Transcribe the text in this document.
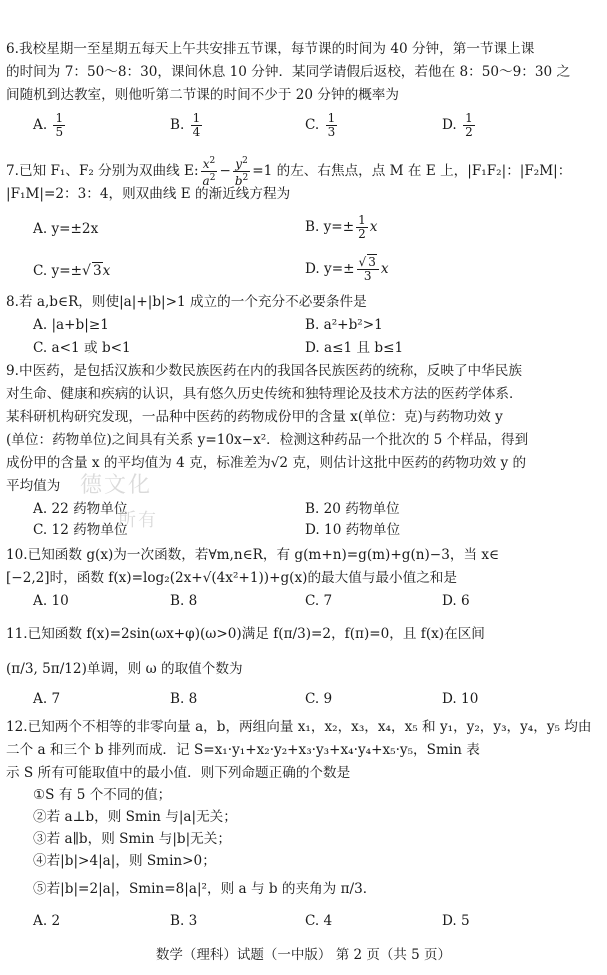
6.我校星期一至星期五每天上午共安排五节课，每节课的时间为 40 分钟，第一节课上课
的时间为 7：50～8：30，课间休息 10 分钟．某同学请假后返校，若他在 8：50～9：30 之
间随机到达教室，则他听第二节课的时间不少于 20 分钟的概率为
A. $\frac{1}{5}$	B. $\frac{1}{4}$	C. $\frac{1}{3}$	D. $\frac{1}{2}$
7.已知 F₁、F₂ 分别为双曲线 E: $\frac{x^2}{a^2} - \frac{y^2}{b^2} =1$ 的左、右焦点，点 M 在 E 上，|F₁F₂|：|F₂M|：
|F₁M|=2：3：4，则双曲线 E 的渐近线方程为
A. y=±2x	B. $y=\pm \frac{1}{2}$ x
C. y=±√ 3x	D. $y=\pm \frac{√ 3}{3}$ x
8.若 a,b∈R，则使|a|+|b|>1 成立的一个充分不必要条件是
A. |a+b|≥1	B. a²+b²>1
C. a<1 或 b<1	D. a≤1 且 b≤1
9.中医药，是包括汉族和少数民族医药在内的我国各民族医药的统称，反映了中华民族
对生命、健康和疾病的认识，具有悠久历史传统和独特理论及技术方法的医药学体系．
某科研机构研究发现，一品种中医药的药物成份甲的含量 x(单位：克)与药物功效 y
(单位：药物单位)之间具有关系 y=10x−x²．检测这种药品一个批次的 5 个样品，得到
成份甲的含量 x 的平均值为 4 克，标准差为√2 克，则估计这批中医药的药物功效 y 的
平均值为
A. 22 药物单位	B. 20 药物单位
C. 12 药物单位	D. 10 药物单位
德文化
所有
10.已知函数 g(x)为一次函数，若∀m,n∈R，有 g(m+n)=g(m)+g(n)−3，当 x∈
[−2,2]时，函数 f(x)=log₂(2x+√(4x²+1))+g(x)的最大值与最小值之和是
A. 10	B. 8	C. 7	D. 6
11.已知函数 f(x)=2sin(ωx+φ)(ω>0)满足 f(π/3)=2，f(π)=0，且 f(x)在区间
(π/3, 5π/12)单调，则 ω 的取值个数为
A. 7	B. 8	C. 9	D. 10
12.已知两个不相等的非零向量 a，b，两组向量 x₁，x₂，x₃，x₄，x₅ 和 y₁，y₂，y₃，y₄，y₅ 均由
二个 a 和三个 b 排列而成．记 S=x₁·y₁+x₂·y₂+x₃·y₃+x₄·y₄+x₅·y₅，Smin 表
示 S 所有可能取值中的最小值．则下列命题正确的个数是
①S 有 5 个不同的值；
②若 a⊥b，则 Smin 与|a|无关；
③若 a∥b，则 Smin 与|b|无关；
④若|b|>4|a|，则 Smin>0；
⑤若|b|=2|a|，Smin=8|a|²，则 a 与 b 的夹角为 π/3．
A. 2	B. 3	C. 4	D. 5
数学（理科）试题（一中版） 第 2 页（共 5 页）
